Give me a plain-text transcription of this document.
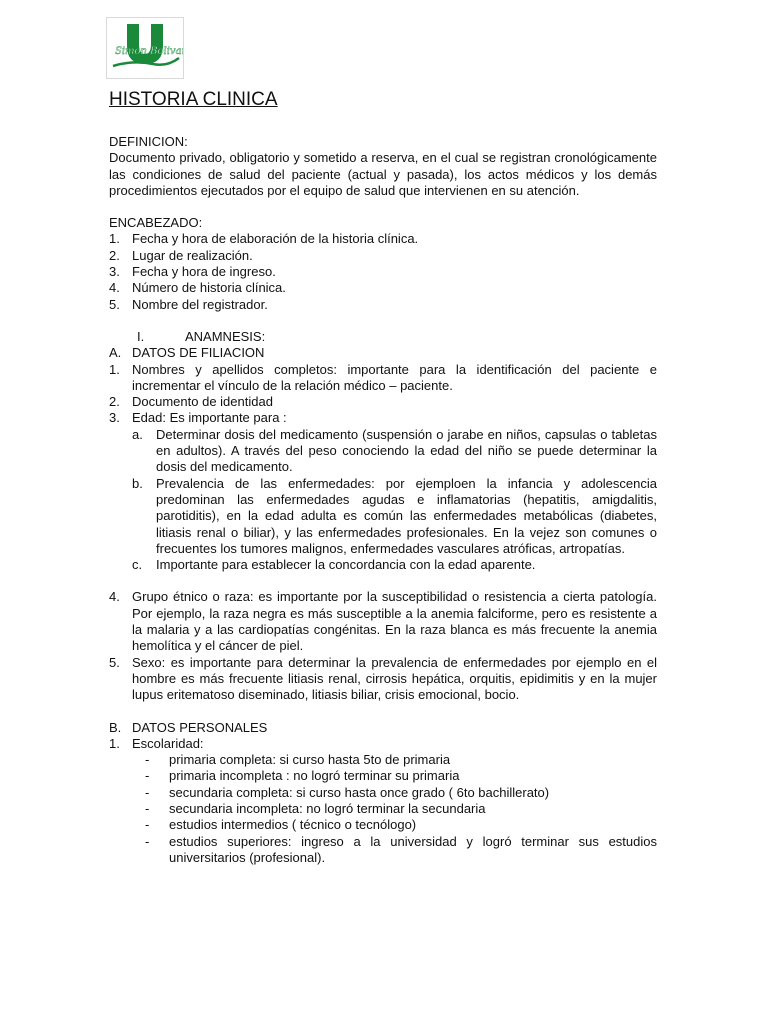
Simon Bolivar
HISTORIA CLINICA

DEFINICION:

Documento privado, obligatorio y sometido a reserva, en el cual se registran cronológicamente las condiciones de salud del paciente (actual y pasada), los actos médicos y los demás procedimientos ejecutados por el equipo de salud que intervienen en su atención.

ENCABEZADO:

1. Fecha y hora de elaboración de la historia clínica.
2. Lugar de realización.
3. Fecha y hora de ingreso.
4. Número de historia clínica.
5. Nombre del registrador.
I.	ANAMNESIS:
A. DATOS DE FILIACION
1. Nombres y apellidos completos: importante para la identificación del paciente e incrementar el vínculo de la relación médico – paciente.
2. Documento de identidad
3. Edad: Es importante para :
a.	Determinar dosis del medicamento (suspensión o jarabe en niños, capsulas o tabletas en adultos). A través del peso conociendo la edad del niño se puede determinar la dosis del medicamento.
b.	Prevalencia de las enfermedades: por ejemploen la infancia y adolescencia predominan las enfermedades agudas e inflamatorias (hepatitis, amigdalitis, parotiditis), en la edad adulta es común las enfermedades metabólicas (diabetes, litiasis renal o biliar), y las enfermedades profesionales. En la vejez son comunes o frecuentes los tumores malignos, enfermedades vasculares atróficas, artropatías.
c.	Importante para establecer la concordancia con la edad aparente.
4. Grupo étnico o raza: es importante por la susceptibilidad o resistencia a cierta patología. Por ejemplo, la raza negra es más susceptible a la anemia falciforme, pero es resistente a la malaria y a las cardiopatías congénitas. En la raza blanca es más frecuente la anemia hemolítica y el cáncer de piel.
5. Sexo: es importante para determinar la prevalencia de enfermedades por ejemplo en el hombre es más frecuente litiasis renal, cirrosis hepática, orquitis, epidimitis y en la mujer lupus eritematoso diseminado, litiasis biliar, crisis emocional, bocio.
B. DATOS PERSONALES
1. Escolaridad:
-	primaria completa: si curso hasta 5to de primaria
-	primaria incompleta : no logró terminar su primaria
-	secundaria completa: si curso hasta once grado ( 6to bachillerato)
-	secundaria incompleta: no logró terminar la secundaria
-	estudios intermedios ( técnico o tecnólogo)
-	estudios superiores: ingreso a la universidad y logró terminar sus estudios universitarios (profesional).
